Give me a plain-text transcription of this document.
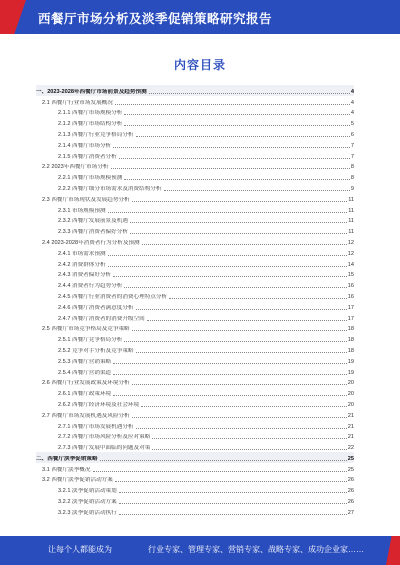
西餐厅市场分析及淡季促销策略研究报告
内容目录
一、2023-2028年西餐厅市场前景及趋势预测	4
2.1 西餐厅行业市场发展概况	4
2.1.1 西餐厅市场规模分析	4
2.1.2 西餐厅市场结构分析	5
2.1.3 西餐厅行业竞争格局分析	6
2.1.4 西餐厅市场分析	7
2.1.5 西餐厅消费者分析	7
2.2 2023年西餐厅市场分析	8
2.2.1 西餐厅市场规模预测	8
2.2.2 西餐厅细分市场需求及消费结构分析	9
2.3 西餐厅市场现状及发展趋势分析	11
2.3.1 市场规模预测	11
2.3.2 西餐厅发展前景及机遇	11
2.3.3 西餐厅消费者偏好分析	11
2.4 2023-2028年消费者行为分析及预测	12
2.4.1 市场需求预测	12
2.4.2 消费群体分析	14
2.4.3 消费者偏好分析	15
2.4.4 消费者行为趋势分析	16
2.4.5 西餐厅行业消费者的消费心理特点分析	16
2.4.6 西餐厅消费者满意度分析	17
2.4.7 西餐厅消费者的消费升级空间	17
2.5 西餐厅市场竞争格局及竞争策略	18
2.5.1 西餐厅竞争格局分析	18
2.5.2 竞争对手分析及竞争策略	18
2.5.3 西餐厅营销策略	19
2.5.4 西餐厅营销渠道	19
2.6 西餐厅行业发展政策及环境分析	20
2.6.1 西餐厅政策环境	20
2.6.2 西餐厅经济环境及社会环境	20
2.7 西餐厅市场发展机遇及风险分析	21
2.7.1 西餐厅市场发展机遇分析	21
2.7.2 西餐厅市场风险分析及应对策略	21
2.7.3 西餐厅发展中面临的问题及对策	22
二、西餐厅淡季促销策略	25
3.1 西餐厅淡季概况	25
3.2 西餐厅淡季促销活动方案	26
3.2.1 淡季促销活动策划	26
3.2.2 淡季促销活动方案	26
3.2.3 淡季促销活动执行	27
让每个人都能成为	行业专家、管理专家、营销专家、战略专家、成功企业家……
